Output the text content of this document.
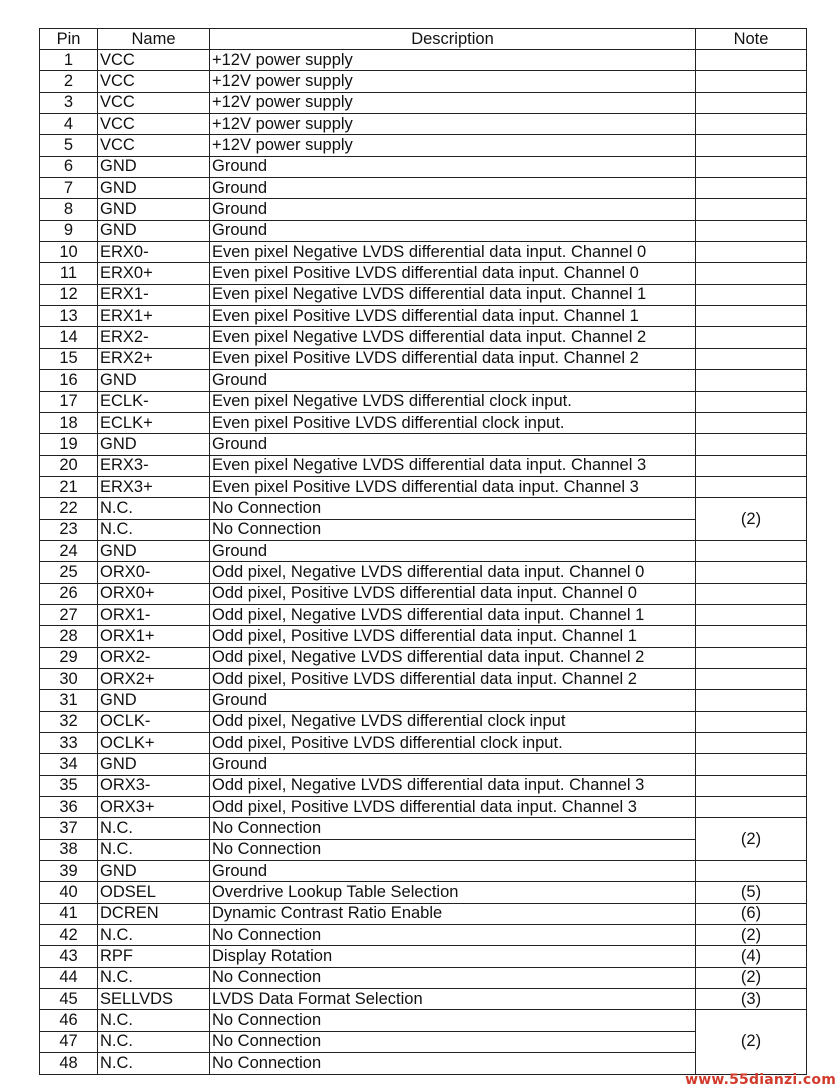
Pin	Name	Description	Note
1	VCC	+12V power supply	
2	VCC	+12V power supply	
3	VCC	+12V power supply	
4	VCC	+12V power supply	
5	VCC	+12V power supply	
6	GND	Ground	
7	GND	Ground	
8	GND	Ground	
9	GND	Ground	
10	ERX0-	Even pixel Negative LVDS differential data input. Channel 0	
11	ERX0+	Even pixel Positive LVDS differential data input. Channel 0	
12	ERX1-	Even pixel Negative LVDS differential data input. Channel 1	
13	ERX1+	Even pixel Positive LVDS differential data input. Channel 1	
14	ERX2-	Even pixel Negative LVDS differential data input. Channel 2	
15	ERX2+	Even pixel Positive LVDS differential data input. Channel 2	
16	GND	Ground	
17	ECLK-	Even pixel Negative LVDS differential clock input.	
18	ECLK+	Even pixel Positive LVDS differential clock input.	
19	GND	Ground	
20	ERX3-	Even pixel Negative LVDS differential data input. Channel 3	
21	ERX3+	Even pixel Positive LVDS differential data input. Channel 3	
22	N.C.	No Connection	(2)

23	N.C.	No Connection	
24	GND	Ground	
25	ORX0-	Odd pixel, Negative LVDS differential data input. Channel 0	
26	ORX0+	Odd pixel, Positive LVDS differential data input. Channel 0	
27	ORX1-	Odd pixel, Negative LVDS differential data input. Channel 1	
28	ORX1+	Odd pixel, Positive LVDS differential data input. Channel 1	
29	ORX2-	Odd pixel, Negative LVDS differential data input. Channel 2	
30	ORX2+	Odd pixel, Positive LVDS differential data input. Channel 2	
31	GND	Ground	
32	OCLK-	Odd pixel, Negative LVDS differential clock input	
33	OCLK+	Odd pixel, Positive LVDS differential clock input.	
34	GND	Ground	
35	ORX3-	Odd pixel, Negative LVDS differential data input. Channel 3	
36	ORX3+	Odd pixel, Positive LVDS differential data input. Channel 3	
37	N.C.	No Connection	(2)

38	N.C.	No Connection	
39	GND	Ground	
40	ODSEL	Overdrive Lookup Table Selection	(5)
41	DCREN	Dynamic Contrast Ratio Enable	(6)
42	N.C.	No Connection	(2)
43	RPF	Display Rotation	(4)
44	N.C.	No Connection	(2)
45	SELLVDS	LVDS Data Format Selection	(3)
46	N.C.	No Connection	(2)

47	N.C.	No Connection	
48	N.C.	No Connection	
www.55dianzi.com
